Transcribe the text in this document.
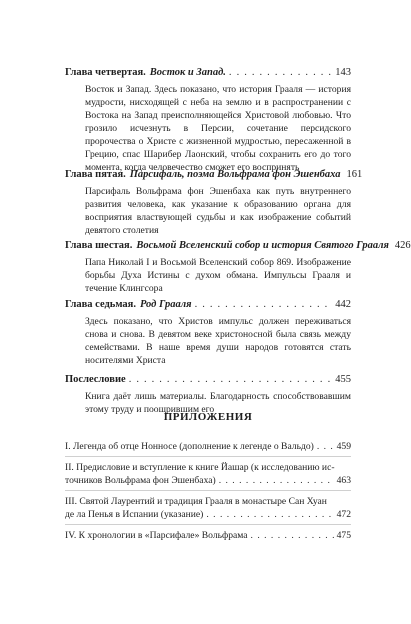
Глава четвертая. Восток и Запад. . . .	143
Восток и Запад. Здесь показано, что история Грааля — история мудрости, нисходящей с неба на землю и в распространении с Востока на Запад преисполняющейся Христовой любовью. Что грозило исчезнуть в Персии, сочетание персидского пророчества о Христе с жизненной мудростью, пересаженной в Грецию, спас Шарибер Лаонский, чтобы сохранить его до того момента, когда человечество сможет его воспринять
Глава пятая. Парсифаль, поэма Вольфрама фон Эшенбаха 161
Парсифаль Вольфрама фон Эшенбаха как путь внутреннего развития человека, как указание к образованию органа для восприятия властвующей судьбы и как изображение событий девятого столетия
Глава шестая. Восьмой Вселенский собор и история Святого Грааля 426
Папа Николай I и Восьмой Вселенский собор 869. Изображение борьбы Духа Истины с духом обмана. Импульсы Грааля и течение Клингсора
Глава седьмая. Род Грааля . . .	442
Здесь показано, что Христов импульс должен переживаться снова и снова. В девятом веке христоносной была связь между семействами. В наше время души народов готовятся стать носителями Христа
Послесловие . . .	455
Книга даёт лишь материалы. Благодарность способствовавшим этому труду и поощрившим его
ПРИЛОЖЕНИЯ
I. Легенда об отце Нонносе (дополнение к легенде о Вальдо) . . . 459
II. Предисловие и вступление к книге Йашар (к исследованию ис-
точников Вольфрама фон Эшенбаха) . . .	463
III. Святой Лаурентий и традиция Грааля в монастыре Сан Хуан
де ла Пенья в Испании (указание) . . .	472
IV. К хронологии в «Парсифале» Вольфрама . . .	475
